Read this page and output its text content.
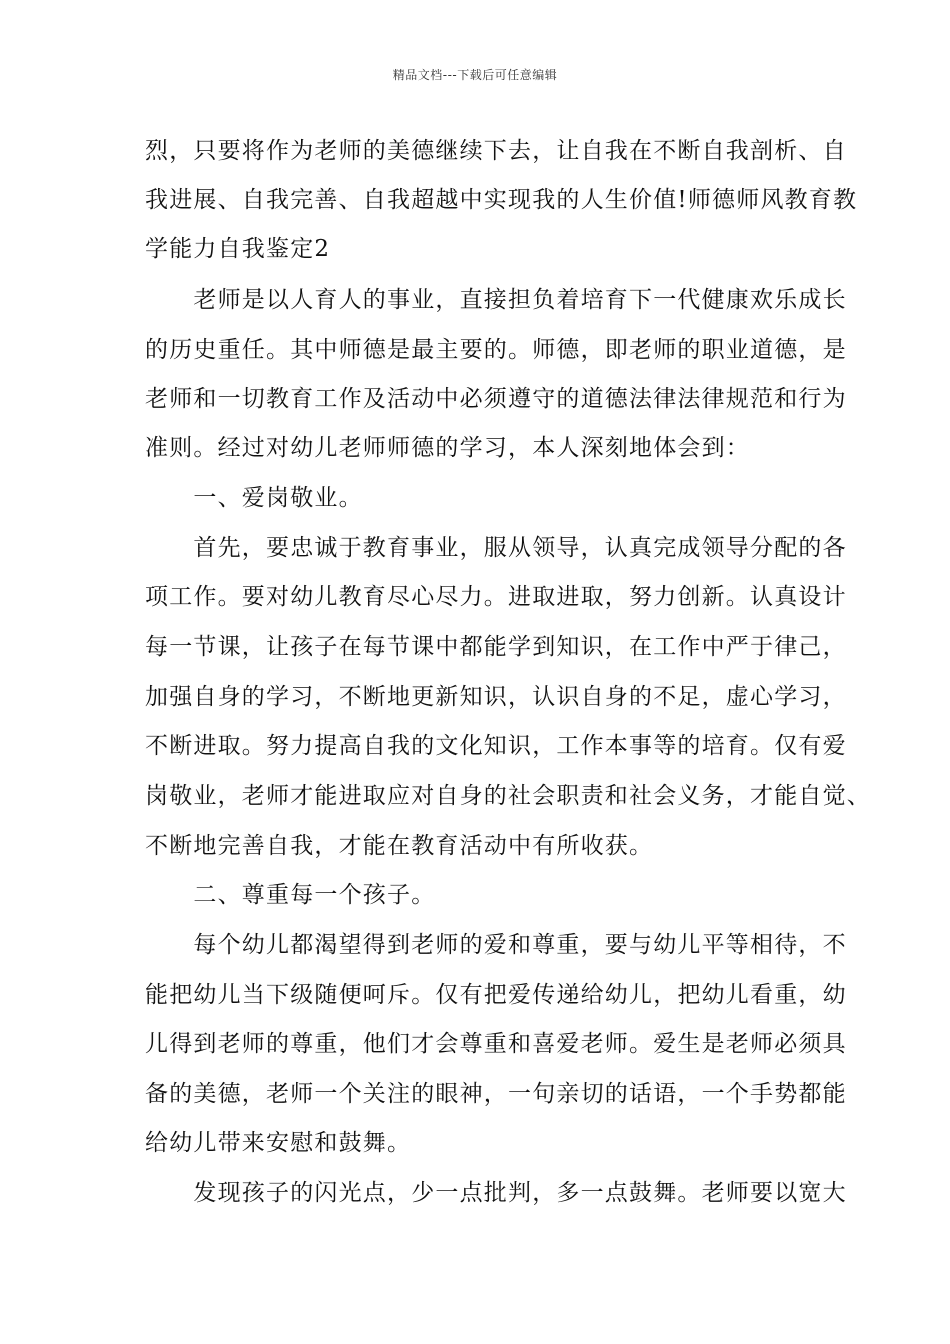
精品文档---下载后可任意编辑
烈，只要将作为老师的美德继续下去，让自我在不断自我剖析、自
我进展、自我完善、自我超越中实现我的人生价值!师德师风教育教
学能力自我鉴定2
　　老师是以人育人的事业，直接担负着培育下一代健康欢乐成长
的历史重任。其中师德是最主要的。师德，即老师的职业道德，是
老师和一切教育工作及活动中必须遵守的道德法律法律规范和行为
准则。经过对幼儿老师师德的学习，本人深刻地体会到：
　　一、爱岗敬业。
　　首先，要忠诚于教育事业，服从领导，认真完成领导分配的各
项工作。要对幼儿教育尽心尽力。进取进取，努力创新。认真设计
每一节课，让孩子在每节课中都能学到知识，在工作中严于律己，
加强自身的学习，不断地更新知识，认识自身的不足，虚心学习，
不断进取。努力提高自我的文化知识，工作本事等的培育。仅有爱
岗敬业，老师才能进取应对自身的社会职责和社会义务，才能自觉、
不断地完善自我，才能在教育活动中有所收获。
　　二、尊重每一个孩子。
　　每个幼儿都渴望得到老师的爱和尊重，要与幼儿平等相待，不
能把幼儿当下级随便呵斥。仅有把爱传递给幼儿，把幼儿看重，幼
儿得到老师的尊重，他们才会尊重和喜爱老师。爱生是老师必须具
备的美德，老师一个关注的眼神，一句亲切的话语，一个手势都能
给幼儿带来安慰和鼓舞。
　　发现孩子的闪光点，少一点批判，多一点鼓舞。老师要以宽大
